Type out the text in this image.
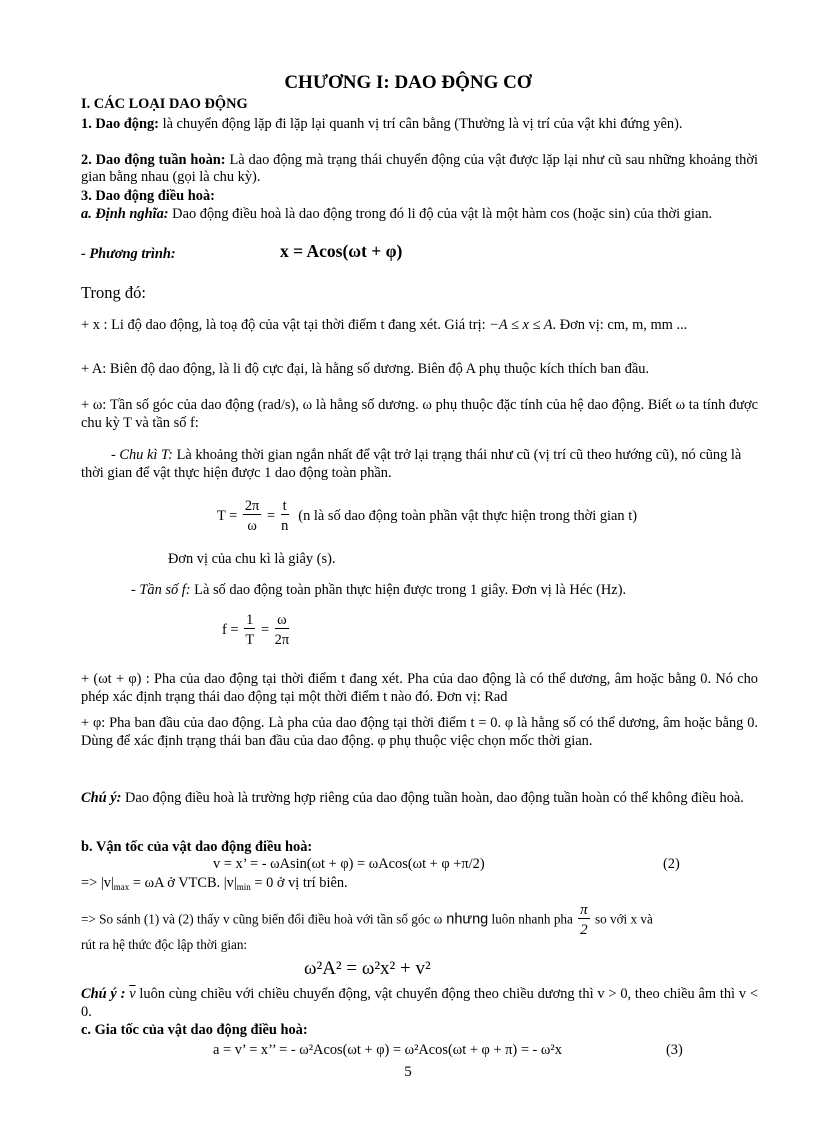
CHƯƠNG I: DAO ĐỘNG CƠ
I. CÁC LOẠI DAO ĐỘNG
1. Dao động: là chuyển động lặp đi lặp lại quanh vị trí cân bằng (Thường là vị trí của vật khi đứng yên).
2. Dao động tuần hoàn: Là dao động mà trạng thái chuyển động của vật được lặp lại như cũ sau những khoảng thời gian bằng nhau (gọi là chu kỳ).
3. Dao động điều hoà:
a. Định nghĩa: Dao động điều hoà là dao động trong đó li độ của vật là một hàm cos (hoặc sin) của thời gian.
- Phương trình:	x = Acos(ωt + φ)
Trong đó:
+ x : Li độ dao động, là toạ độ của vật tại thời điểm t đang xét. Giá trị: −A ≤ x ≤ A. Đơn vị: cm, m, mm ...
+ A: Biên độ dao động, là li độ cực đại, là hằng số dương. Biên độ A phụ thuộc kích thích ban đầu.
+ ω: Tần số góc của dao động (rad/s), ω là hằng số dương. ω phụ thuộc đặc tính của hệ dao động. Biết ω ta tính được chu kỳ T và tần số f:
- Chu kì T: Là khoảng thời gian ngắn nhất để vật trở lại trạng thái như cũ (vị trí cũ theo hướng cũ), nó cũng là thời gian để vật thực hiện được 1 dao động toàn phần.
$T = \frac{2\pi}{\omega} = \frac{t}{n} (n$ là số dao động toàn phần vật thực hiện trong thời gian t)
Đơn vị của chu kì là giây (s).
- Tần số f: Là số dao động toàn phần thực hiện được trong 1 giây. Đơn vị là Héc (Hz).
$f = \frac{1}{T} = \frac{\omega}{2\pi}$
+ (ωt + φ) : Pha của dao động tại thời điểm t đang xét. Pha của dao động là có thể dương, âm hoặc bằng 0. Nó cho phép xác định trạng thái dao động tại một thời điểm t nào đó. Đơn vị: Rad
+ φ: Pha ban đầu của dao động. Là pha của dao động tại thời điểm t = 0. φ là hằng số có thể dương, âm hoặc bằng 0. Dùng để xác định trạng thái ban đầu của dao động. φ phụ thuộc việc chọn mốc thời gian.
Chú ý: Dao động điều hoà là trường hợp riêng của dao động tuần hoàn, dao động tuần hoàn có thể không điều hoà.
b. Vận tốc của vật dao động điều hoà:
v = x’ = - ωAsin(ωt + φ) = ωAcos(ωt + φ +π/2)	(2)
=> $|v|_{max} = \omega A$ ở VTCB. $|v|_{min} = 0$ ở vị trí biên.
=> So sánh (1) và (2) thấy v cũng biến đổi điều hoà với tần số góc ω nhưng luôn nhanh pha $\frac{\pi}{2}$ so với x và
rút ra hệ thức độc lập thời gian:
ω²A² = ω²x² + v²
Chú ý : $\overline{v}$ luôn cùng chiều với chiều chuyển động, vật chuyển động theo chiều dương thì v > 0, theo chiều âm thì v < 0.
c. Gia tốc của vật dao động điều hoà:
a = v’ = x’’ = - ω²Acos(ωt + φ) = ω²Acos(ωt + φ + π) = - ω²x	(3)
5
